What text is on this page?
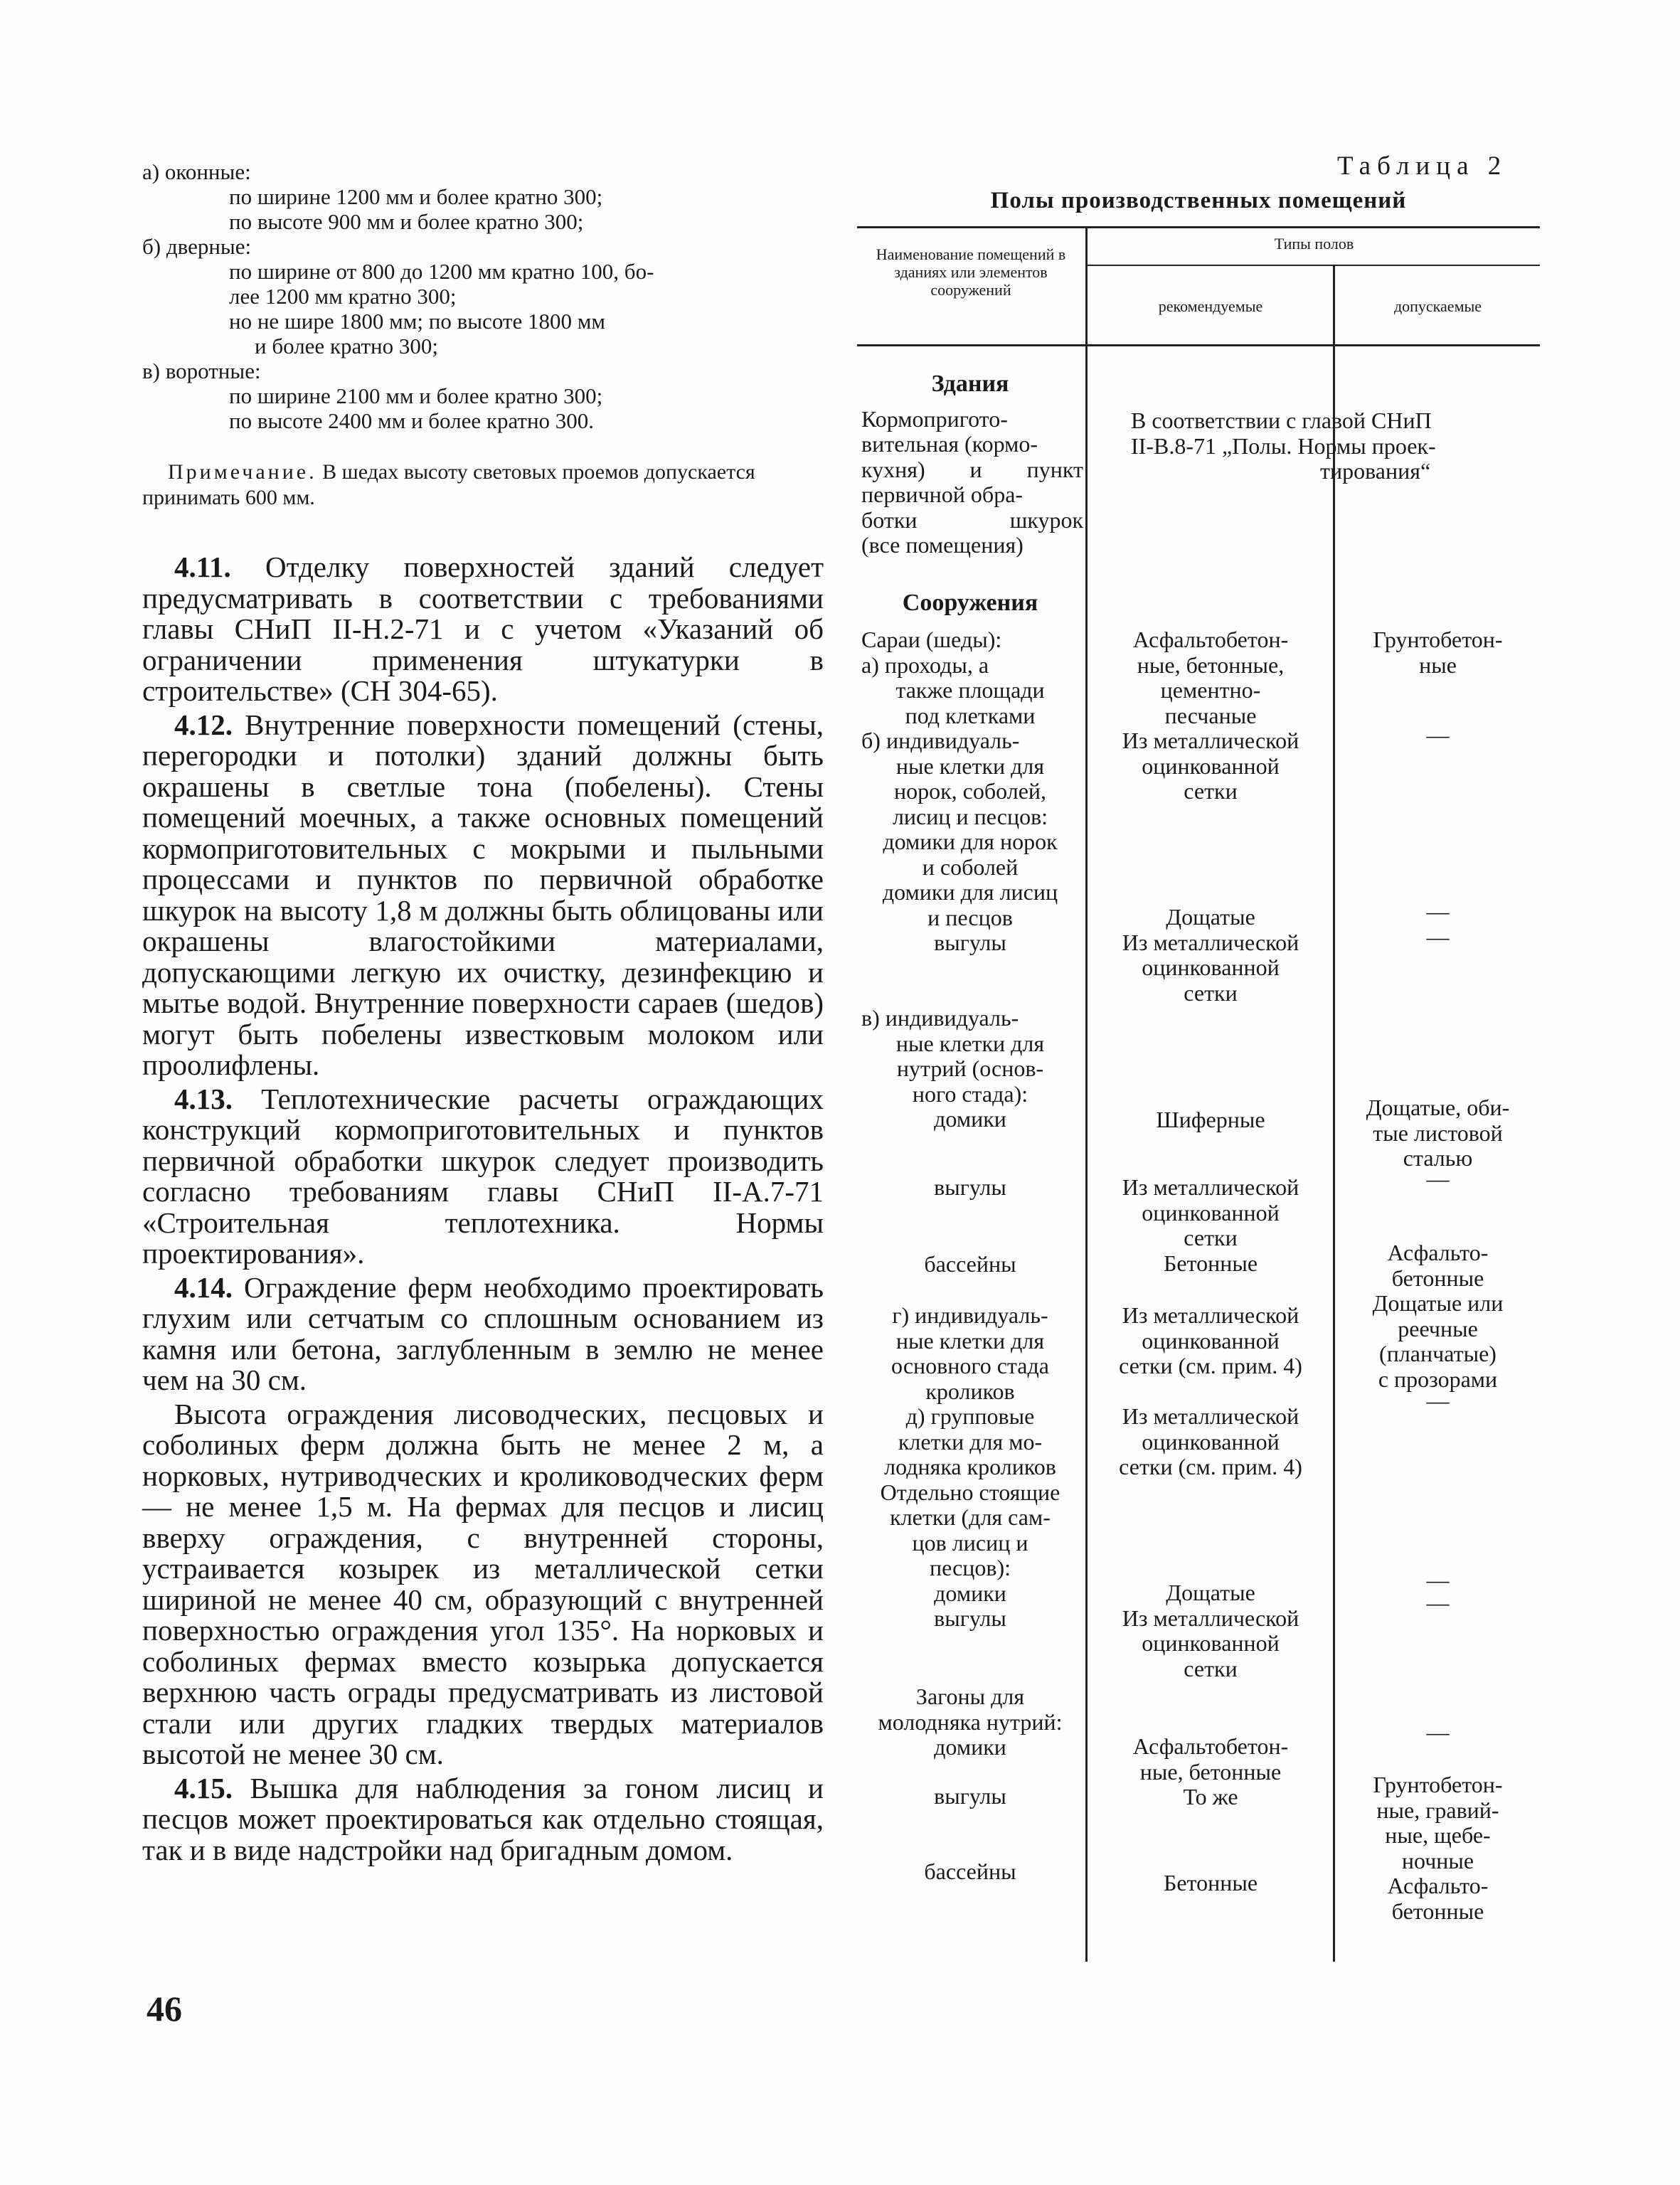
а) оконные:
по ширине 1200 мм и более кратно 300;
по высоте 900 мм и более кратно 300;
б) дверные:
по ширине от 800 до 1200 мм кратно 100, бо-
лее 1200 мм кратно 300;
но не шире 1800 мм; по высоте 1800 мм
и более кратно 300;
в) воротные:
по ширине 2100 мм и более кратно 300;
по высоте 2400 мм и более кратно 300.
Примечание. В шедах высоту световых проемов допускается принимать 600 мм.

4.11. Отделку поверхностей зданий следует предусматривать в соответствии с требованиями главы СНиП II-Н.2-71 и с учетом «Указаний об ограничении применения штукатурки в строительстве» (СН 304-65).

4.12. Внутренние поверхности помещений (стены, перегородки и потолки) зданий должны быть окрашены в светлые тона (побелены). Стены помещений моечных, а также основных помещений кормоприготовительных с мокрыми и пыльными процессами и пунктов по первичной обработке шкурок на высоту 1,8 м должны быть облицованы или окрашены влагостойкими материалами, допускающими легкую их очистку, дезинфекцию и мытье водой. Внутренние поверхности сараев (шедов) могут быть побелены известковым молоком или проолифлены.

4.13. Теплотехнические расчеты ограждающих конструкций кормоприготовительных и пунктов первичной обработки шкурок следует производить согласно требованиям главы СНиП II-А.7-71 «Строительная теплотехника. Нормы проектирования».

4.14. Ограждение ферм необходимо проектировать глухим или сетчатым со сплошным основанием из камня или бетона, заглубленным в землю не менее чем на 30 см.

Высота ограждения лисоводческих, песцовых и соболиных ферм должна быть не менее 2 м, а норковых, нутриводческих и кролиководческих ферм — не менее 1,5 м. На фермах для песцов и лисиц вверху ограждения, с внутренней стороны, устраивается козырек из металлической сетки шириной не менее 40 см, образующий с внутренней поверхностью ограждения угол 135°. На норковых и соболиных фермах вместо козырька допускается верхнюю часть ограды предусматривать из листовой стали или других гладких твердых материалов высотой не менее 30 см.

4.15. Вышка для наблюдения за гоном лисиц и песцов может проектироваться как отдельно стоящая, так и в виде надстройки над бригадным домом.

46
Таблица 2
Полы производственных помещений
Наименование помещений в зданиях или элементов сооружений
Типы полов
рекомендуемые	допускаемые
Здания
Кормопригото-
вительная (кормо-
кухня) и пункт
первичной обра-
ботки шкурок
(все помещения)
В соответствии с главой СНиП
II-В.8-71 „Полы. Нормы проек-
тирования“
Сооружения
Сараи (шеды):
а) проходы, а
также площади
под клетками
б) индивидуаль-
ные клетки для
норок, соболей,
лисиц и песцов:
домики для норок
и соболей
домики для лисиц
и песцов
выгулы
в) индивидуаль-
ные клетки для
нутрий (основ-
ного стада):
домики
выгулы
бассейны
г) индивидуаль-
ные клетки для
основного стада
кроликов
д) групповые
клетки для мо-
лодняка кроликов
Отдельно стоящие
клетки (для сам-
цов лисиц и
песцов):
домики
выгулы
Загоны для
молодняка нутрий:
домики
выгулы
бассейны
Асфальтобетон-
ные, бетонные,
цементно-
песчаные
Из металлической
оцинкованной
сетки
Дощатые
Из металлической
оцинкованной
сетки
Шиферные
Из металлической
оцинкованной
сетки
Бетонные
Из металлической
оцинкованной
сетки (см. прим. 4)
Из металлической
оцинкованной
сетки (см. прим. 4)
Дощатые
Из металлической
оцинкованной
сетки
Асфальтобетон-
ные, бетонные
То же
Бетонные
Грунтобетон-
ные
—
—
—
Дощатые, оби-
тые листовой
сталью
—
Асфальто-
бетонные
Дощатые или
реечные
(планчатые)
с прозорами
—
—
—
—
Грунтобетон-
ные, гравий-
ные, щебе-
ночные
Асфальто-
бетонные
